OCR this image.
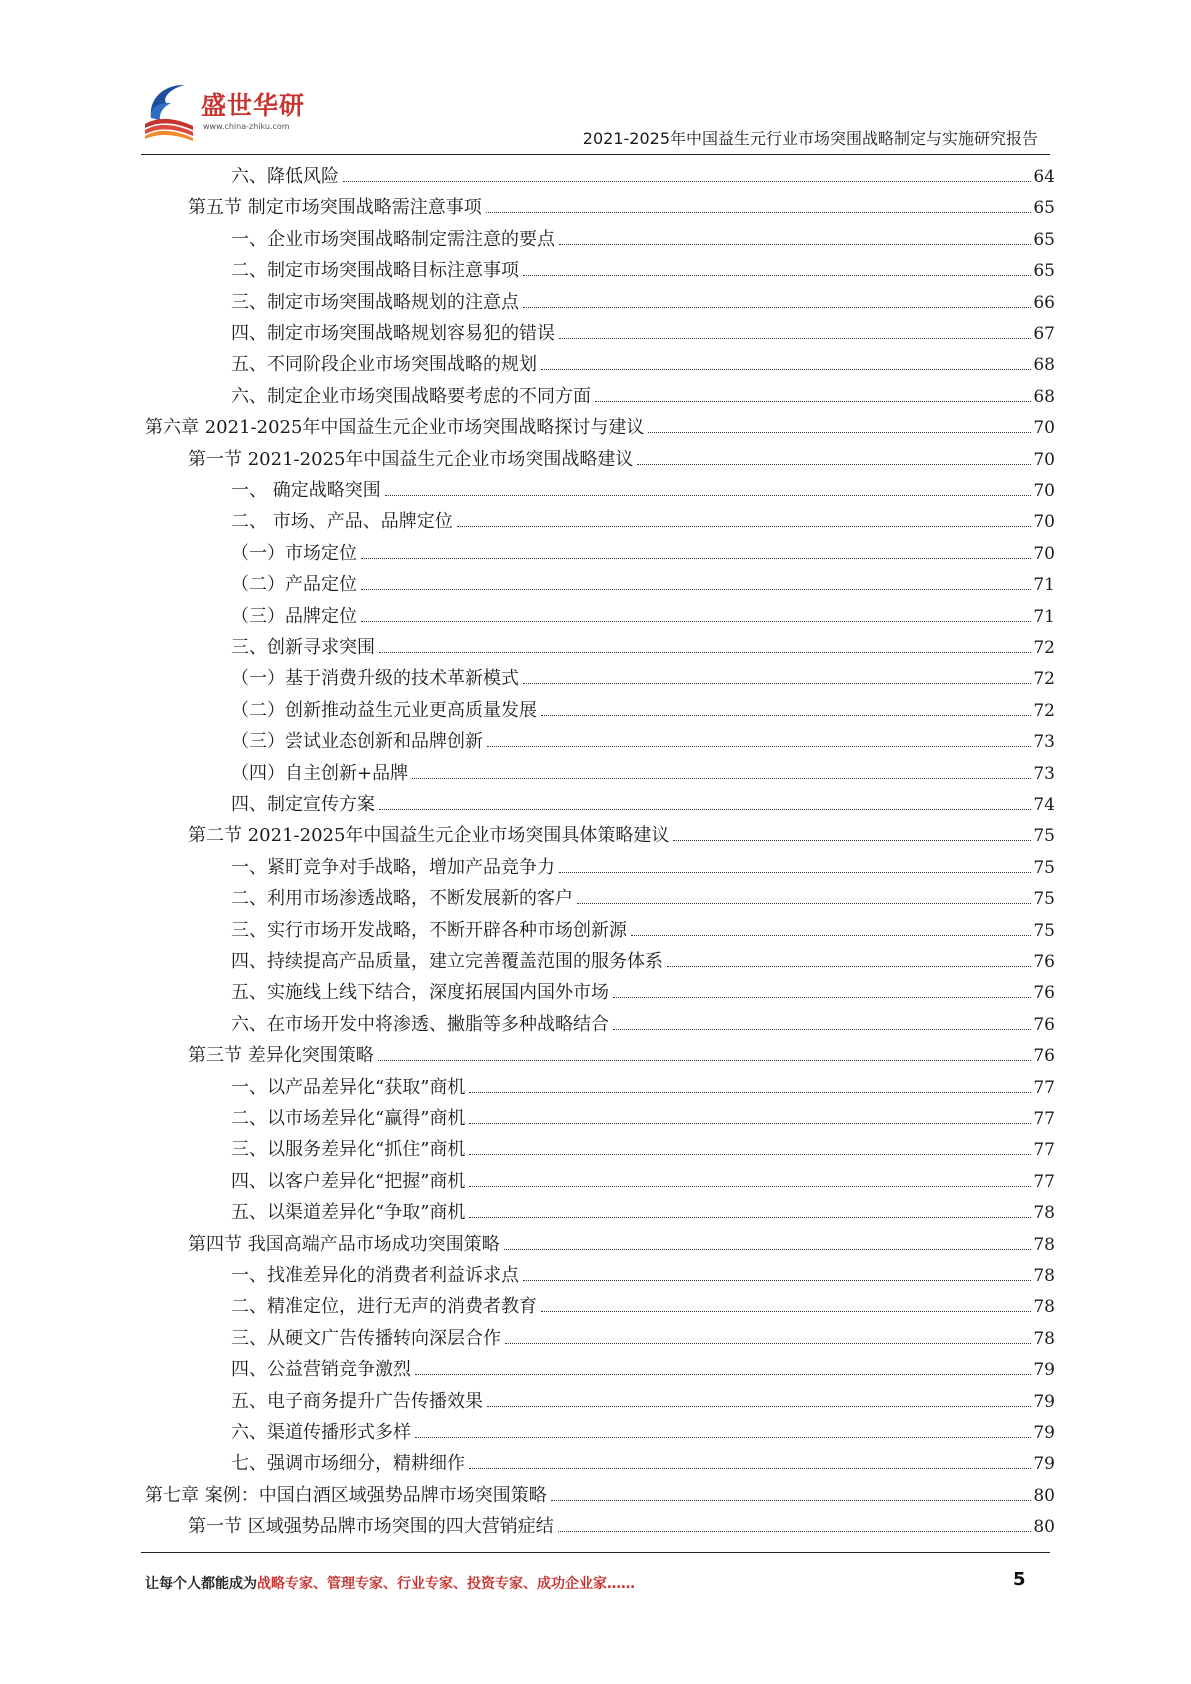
盛世华研
www.china-zhiku.com
2021-2025年中国益生元行业市场突围战略制定与实施研究报告
六、降低风险	64
第五节 制定市场突围战略需注意事项	65
一、企业市场突围战略制定需注意的要点	65
二、制定市场突围战略目标注意事项	65
三、制定市场突围战略规划的注意点	66
四、制定市场突围战略规划容易犯的错误	67
五、不同阶段企业市场突围战略的规划	68
六、制定企业市场突围战略要考虑的不同方面	68
第六章 2021-2025年中国益生元企业市场突围战略探讨与建议	70
第一节 2021-2025年中国益生元企业市场突围战略建议	70
一、 确定战略突围	70
二、 市场、产品、品牌定位	70
（一）市场定位	70
（二）产品定位	71
（三）品牌定位	71
三、创新寻求突围	72
（一）基于消费升级的技术革新模式	72
（二）创新推动益生元业更高质量发展	72
（三）尝试业态创新和品牌创新	73
（四）自主创新+品牌	73
四、制定宣传方案	74
第二节 2021-2025年中国益生元企业市场突围具体策略建议	75
一、紧盯竞争对手战略，增加产品竞争力	75
二、利用市场渗透战略，不断发展新的客户	75
三、实行市场开发战略，不断开辟各种市场创新源	75
四、持续提高产品质量，建立完善覆盖范围的服务体系	76
五、实施线上线下结合，深度拓展国内国外市场	76
六、在市场开发中将渗透、撇脂等多种战略结合	76
第三节 差异化突围策略	76
一、以产品差异化“获取”商机	77
二、以市场差异化“赢得”商机	77
三、以服务差异化“抓住”商机	77
四、以客户差异化“把握”商机	77
五、以渠道差异化“争取”商机	78
第四节 我国高端产品市场成功突围策略	78
一、找准差异化的消费者利益诉求点	78
二、精准定位，进行无声的消费者教育	78
三、从硬文广告传播转向深层合作	78
四、公益营销竞争激烈	79
五、电子商务提升广告传播效果	79
六、渠道传播形式多样	79
七、强调市场细分，精耕细作	79
第七章 案例：中国白酒区域强势品牌市场突围策略	80
第一节 区域强势品牌市场突围的四大营销症结	80
让每个人都能成为战略专家、管理专家、行业专家、投资专家、成功企业家……	5
